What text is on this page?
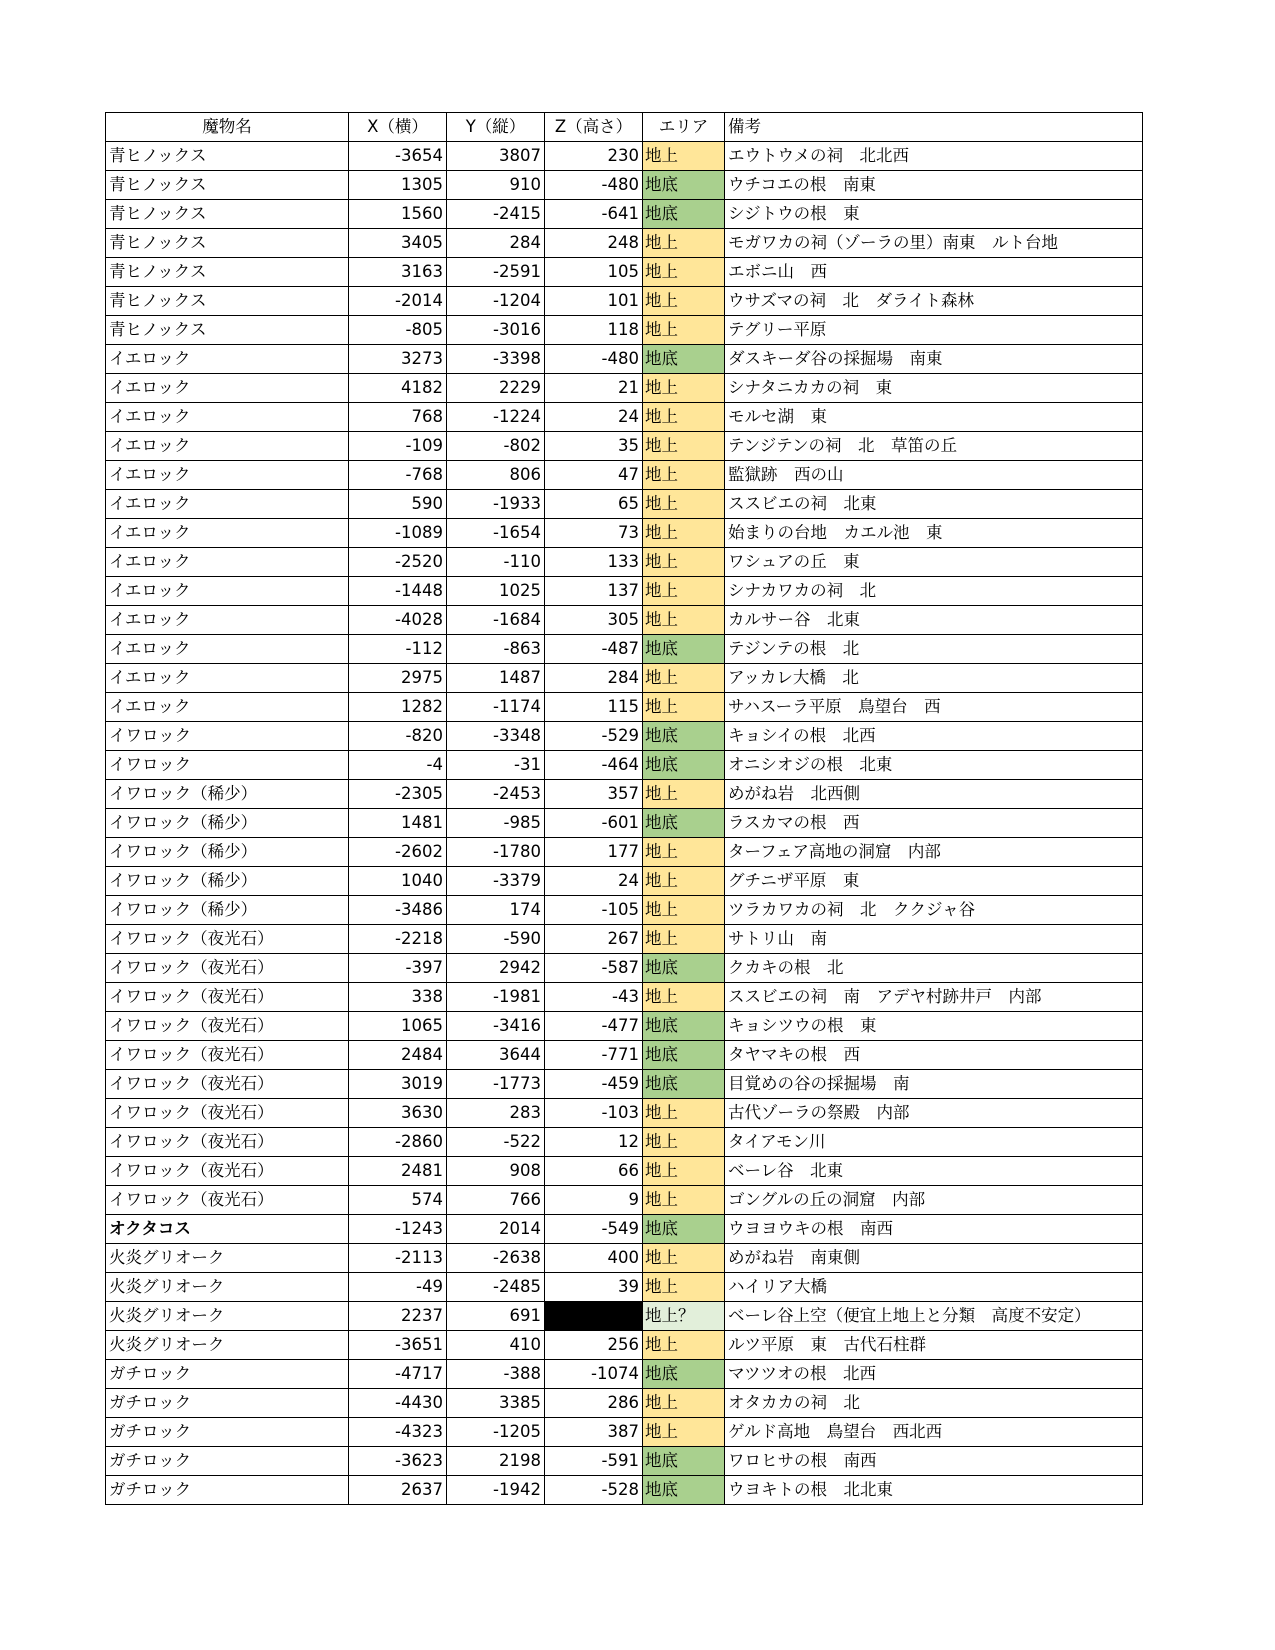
魔物名	X（横）	Y（縦）	Z（高さ）	エリア	備考
青ヒノックス	-3654	3807	230	地上	エウトウメの祠　北北西
青ヒノックス	1305	910	-480	地底	ウチコエの根　南東
青ヒノックス	1560	-2415	-641	地底	シジトウの根　東
青ヒノックス	3405	284	248	地上	モガワカの祠（ゾーラの里）南東　ルト台地
青ヒノックス	3163	-2591	105	地上	エボニ山　西
青ヒノックス	-2014	-1204	101	地上	ウサズマの祠　北　ダライト森林
青ヒノックス	-805	-3016	118	地上	テグリー平原
イエロック	3273	-3398	-480	地底	ダスキーダ谷の採掘場　南東
イエロック	4182	2229	21	地上	シナタニカカの祠　東
イエロック	768	-1224	24	地上	モルセ湖　東
イエロック	-109	-802	35	地上	テンジテンの祠　北　草笛の丘
イエロック	-768	806	47	地上	監獄跡　西の山
イエロック	590	-1933	65	地上	ススビエの祠　北東
イエロック	-1089	-1654	73	地上	始まりの台地　カエル池　東
イエロック	-2520	-110	133	地上	ワシュアの丘　東
イエロック	-1448	1025	137	地上	シナカワカの祠　北
イエロック	-4028	-1684	305	地上	カルサー谷　北東
イエロック	-112	-863	-487	地底	テジンテの根　北
イエロック	2975	1487	284	地上	アッカレ大橋　北
イエロック	1282	-1174	115	地上	サハスーラ平原　鳥望台　西
イワロック	-820	-3348	-529	地底	キョシイの根　北西
イワロック	-4	-31	-464	地底	オニシオジの根　北東
イワロック（稀少）	-2305	-2453	357	地上	めがね岩　北西側
イワロック（稀少）	1481	-985	-601	地底	ラスカマの根　西
イワロック（稀少）	-2602	-1780	177	地上	ターフェア高地の洞窟　内部
イワロック（稀少）	1040	-3379	24	地上	グチニザ平原　東
イワロック（稀少）	-3486	174	-105	地上	ツラカワカの祠　北　ククジャ谷
イワロック（夜光石）	-2218	-590	267	地上	サトリ山　南
イワロック（夜光石）	-397	2942	-587	地底	クカキの根　北
イワロック（夜光石）	338	-1981	-43	地上	ススビエの祠　南　アデヤ村跡井戸　内部
イワロック（夜光石）	1065	-3416	-477	地底	キョシツウの根　東
イワロック（夜光石）	2484	3644	-771	地底	タヤマキの根　西
イワロック（夜光石）	3019	-1773	-459	地底	目覚めの谷の採掘場　南
イワロック（夜光石）	3630	283	-103	地上	古代ゾーラの祭殿　内部
イワロック（夜光石）	-2860	-522	12	地上	タイアモン川
イワロック（夜光石）	2481	908	66	地上	ベーレ谷　北東
イワロック（夜光石）	574	766	9	地上	ゴングルの丘の洞窟　内部
オクタコス	-1243	2014	-549	地底	ウヨヨウキの根　南西
火炎グリオーク	-2113	-2638	400	地上	めがね岩　南東側
火炎グリオーク	-49	-2485	39	地上	ハイリア大橋
火炎グリオーク	2237	691		地上？	ベーレ谷上空（便宜上地上と分類　高度不安定）
火炎グリオーク	-3651	410	256	地上	ルツ平原　東　古代石柱群
ガチロック	-4717	-388	-1074	地底	マツツオの根　北西
ガチロック	-4430	3385	286	地上	オタカカの祠　北
ガチロック	-4323	-1205	387	地上	ゲルド高地　鳥望台　西北西
ガチロック	-3623	2198	-591	地底	ワロヒサの根　南西
ガチロック	2637	-1942	-528	地底	ウヨキトの根　北北東
